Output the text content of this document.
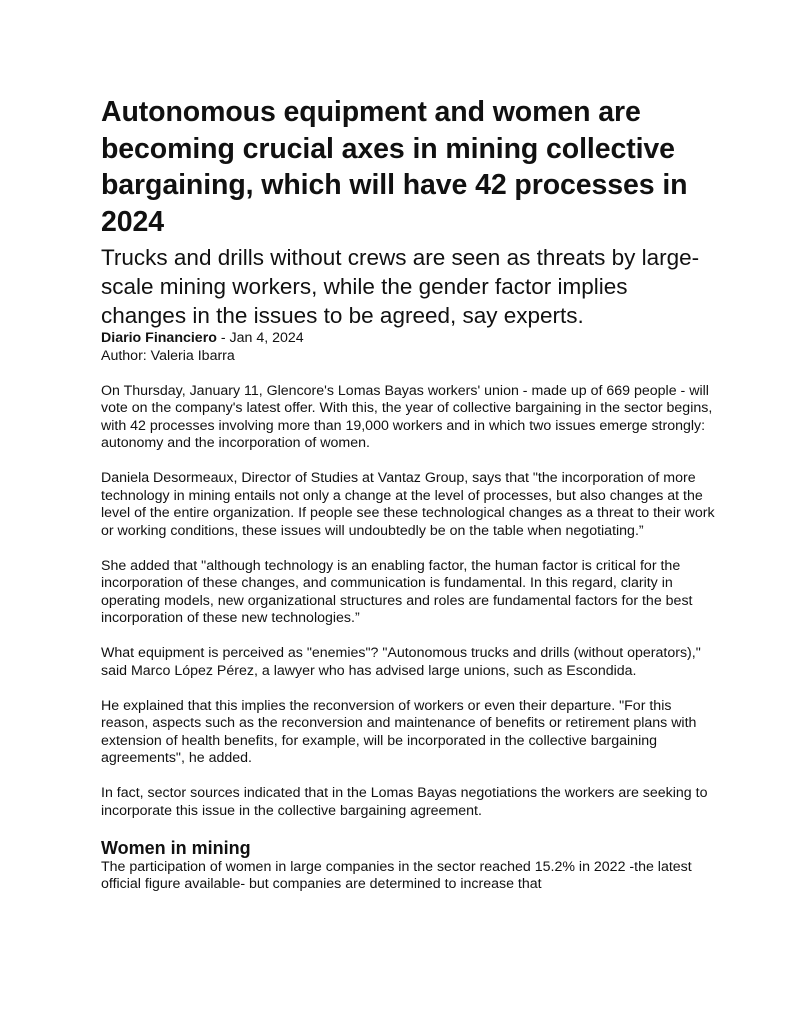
Autonomous equipment and women are becoming crucial axes in mining collective bargaining, which will have 42 processes in 2024
Trucks and drills without crews are seen as threats by large-scale mining workers, while the gender factor implies changes in the issues to be agreed, say experts.

Diario Financiero - Jan 4, 2024

Author: Valeria Ibarra

On Thursday, January 11, Glencore's Lomas Bayas workers' union - made up of 669 people - will vote on the company's latest offer. With this, the year of collective bargaining in the sector begins, with 42 processes involving more than 19,000 workers and in which two issues emerge strongly: autonomy and the incorporation of women.

Daniela Desormeaux, Director of Studies at Vantaz Group, says that "the incorporation of more technology in mining entails not only a change at the level of processes, but also changes at the level of the entire organization. If people see these technological changes as a threat to their work or working conditions, these issues will undoubtedly be on the table when negotiating.”

She added that "although technology is an enabling factor, the human factor is critical for the incorporation of these changes, and communication is fundamental. In this regard, clarity in operating models, new organizational structures and roles are fundamental factors for the best incorporation of these new technologies.”

What equipment is perceived as "enemies"? "Autonomous trucks and drills (without operators)," said Marco López Pérez, a lawyer who has advised large unions, such as Escondida.

He explained that this implies the reconversion of workers or even their departure. "For this reason, aspects such as the reconversion and maintenance of benefits or retirement plans with extension of health benefits, for example, will be incorporated in the collective bargaining agreements", he added.

In fact, sector sources indicated that in the Lomas Bayas negotiations the workers are seeking to incorporate this issue in the collective bargaining agreement.

Women in mining

The participation of women in large companies in the sector reached 15.2% in 2022 -the latest official figure available- but companies are determined to increase that
